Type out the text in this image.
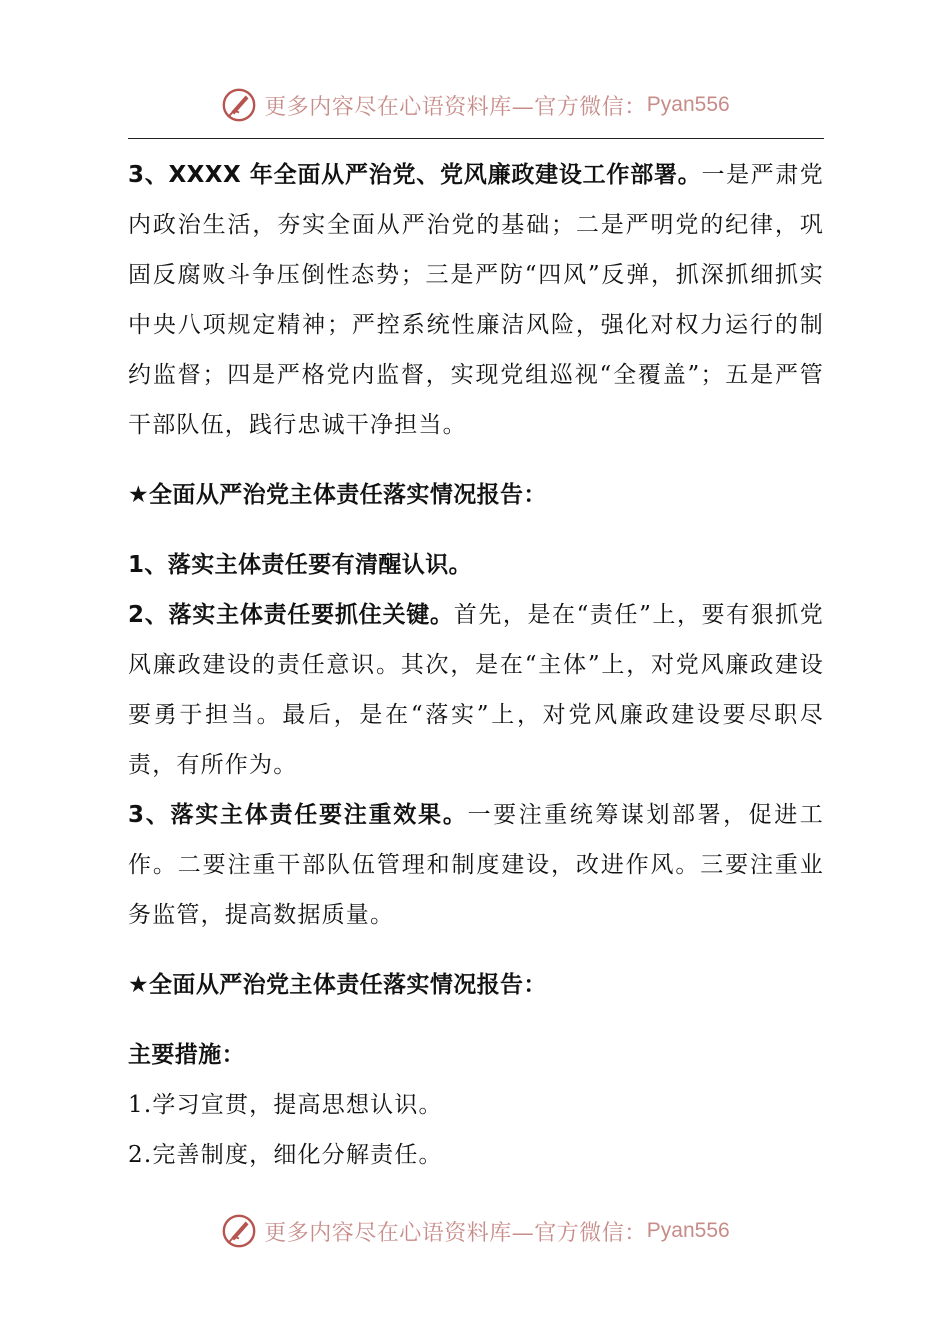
更多内容尽在心语资料库—官方微信： Pyan556

3、XXXX 年全面从严治党、党风廉政建设工作部署。一是严肃党内政治生活，夯实全面从严治党的基础；二是严明党的纪律，巩固反腐败斗争压倒性态势；三是严防“四风”反弹，抓深抓细抓实中央八项规定精神；严控系统性廉洁风险，强化对权力运行的制约监督；四是严格党内监督，实现党组巡视“全覆盖”；五是严管干部队伍，践行忠诚干净担当。

★全面从严治党主体责任落实情况报告：

1、落实主体责任要有清醒认识。

2、落实主体责任要抓住关键。首先，是在“责任”上，要有狠抓党风廉政建设的责任意识。其次，是在“主体”上，对党风廉政建设要勇于担当。最后，是在“落实”上，对党风廉政建设要尽职尽责，有所作为。

3、落实主体责任要注重效果。一要注重统筹谋划部署，促进工作。二要注重干部队伍管理和制度建设，改进作风。三要注重业务监管，提高数据质量。

★全面从严治党主体责任落实情况报告：

主要措施：

1.学习宣贯，提高思想认识。

2.完善制度，细化分解责任。

更多内容尽在心语资料库—官方微信： Pyan556
